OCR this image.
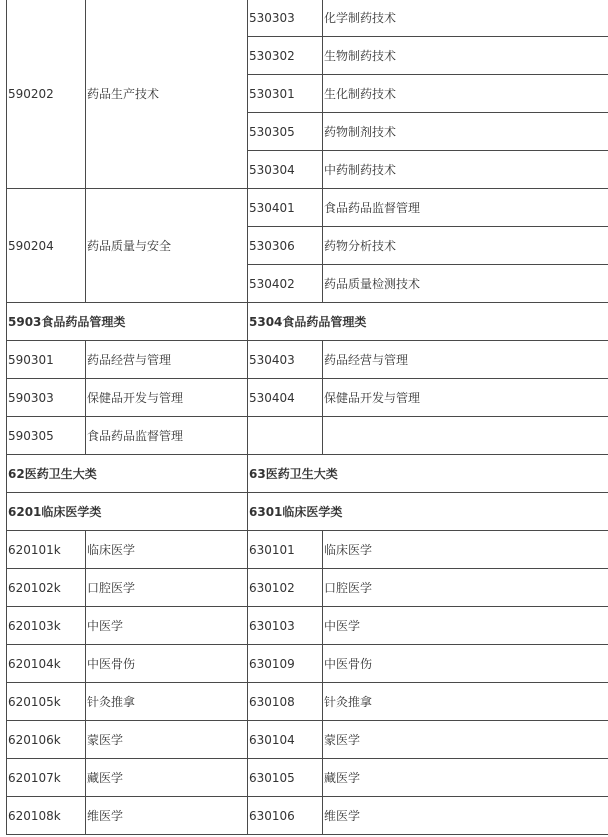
590202	药品生产技术	530303	化学制药技术
		530302	生物制药技术
		530301	生化制药技术
		530305	药物制剂技术
		530304	中药制药技术
590204	药品质量与安全	530401	食品药品监督管理
		530306	药物分析技术
		530402	药品质量检测技术
5903食品药品管理类		5304食品药品管理类	
590301	药品经营与管理	530403	药品经营与管理
590303	保健品开发与管理	530404	保健品开发与管理
590305	食品药品监督管理		
62医药卫生大类		63医药卫生大类	
6201临床医学类		6301临床医学类	
620101k	临床医学	630101	临床医学
620102k	口腔医学	630102	口腔医学
620103k	中医学	630103	中医学
620104k	中医骨伤	630109	中医骨伤
620105k	针灸推拿	630108	针灸推拿
620106k	蒙医学	630104	蒙医学
620107k	藏医学	630105	藏医学
620108k	维医学	630106	维医学
